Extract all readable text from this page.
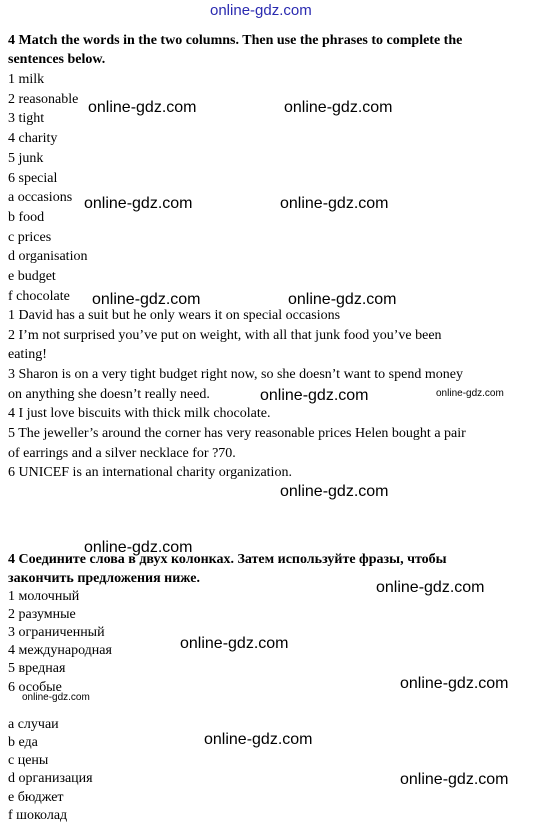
online-gdz.com
4 Match the words in the two columns. Then use the phrases to complete the
sentences below.
1 milk
2 reasonable
3 tight
4 charity
5 junk
6 special
a occasions
b food
c prices
d organisation
e budget
f chocolate
1 David has a suit but he only wears it on special occasions
2 I’m not surprised you’ve put on weight, with all that junk food you’ve been
eating!
3 Sharon is on a very tight budget right now, so she doesn’t want to spend money
on anything she doesn’t really need.
4 I just love biscuits with thick milk chocolate.
5 The jeweller’s around the corner has very reasonable prices Helen bought a pair
of earrings and a silver necklace for ?70.
6 UNICEF is an international charity organization.
4 Соедините слова в двух колонках. Затем используйте фразы, чтобы
закончить предложения ниже.
1 молочный
2 разумные
3 ограниченный
4 международная
5 вредная
6 особые
а случаи
b еда
с цены
d организация
е бюджет
f шоколад
online-gdz.com	online-gdz.com
online-gdz.com	online-gdz.com
online-gdz.com	online-gdz.com
online-gdz.com	online-gdz.com
online-gdz.com
online-gdz.com
online-gdz.com
online-gdz.com
online-gdz.com
online-gdz.com
online-gdz.com
online-gdz.com
